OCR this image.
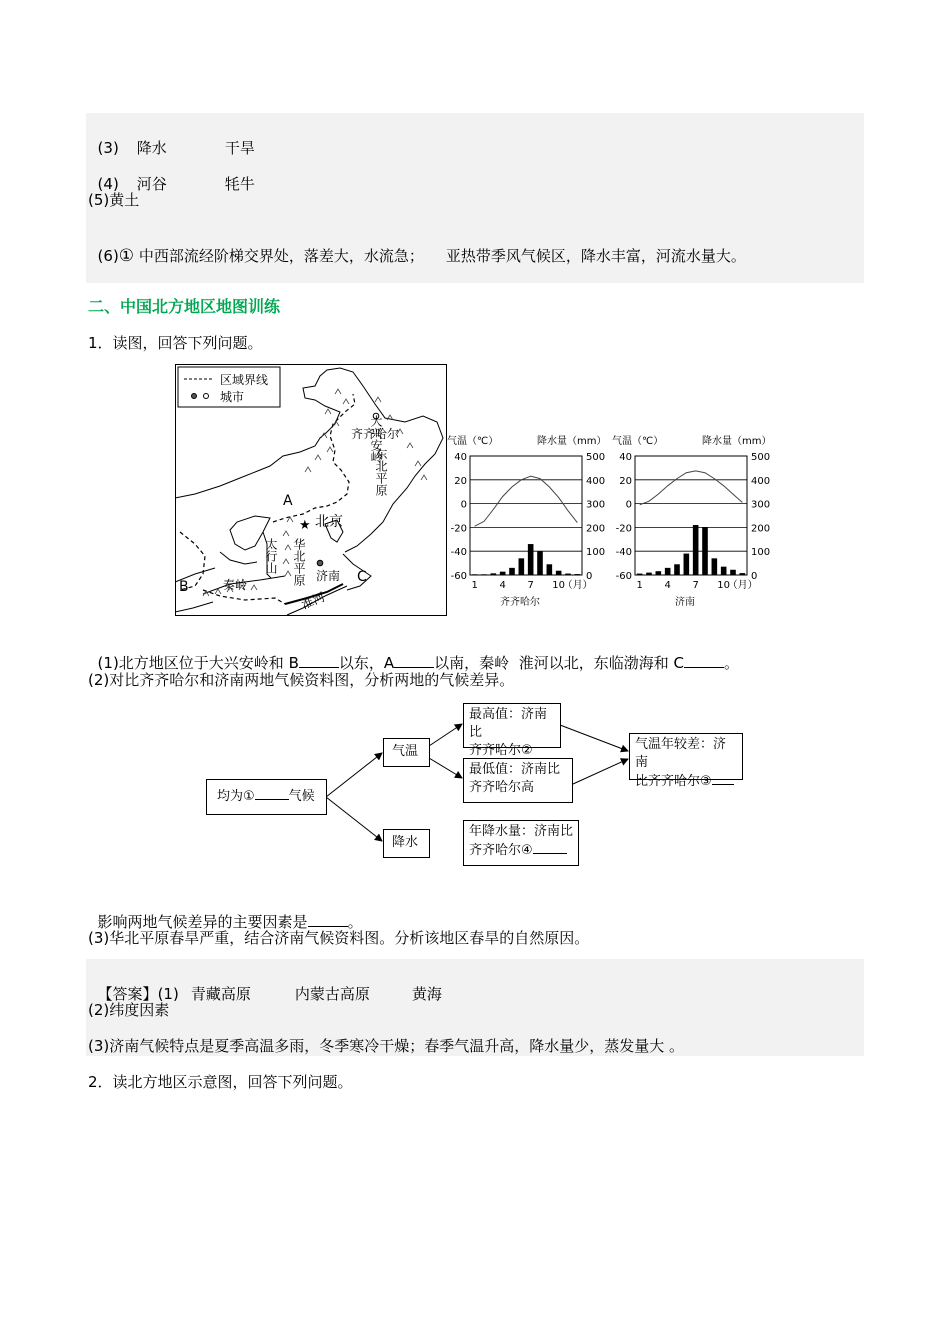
(3) 降水	干旱

(4) 河谷	牦牛

(5)黄土

(6)① 中西部流经阶梯交界处，落差大，水流急； 亚热带季风气候区，降水丰富，河流水量大。

二、中国北方地区地图训练
1．读图，回答下列问题。
区域界线
城市
★
A
B
C
北京
济南
齐齐哈尔
大兴安岭
东北平原
太行山 华北平原
秦岭
淮河
气温（℃）	降水量（mm）
40
20
0
-20
-40
-60
500
400
300
200
100
0
1 4 7 10
（月）
齐齐哈尔
气温（℃）	降水量（mm）
40
20
0
-20
-40
-60
500
400
300
200
100
0
1 4 7 10
（月）
济南

(1)北方地区位于大兴安岭和 B	以东，A	以南，秦岭 淮河以北，东临渤海和 C	。

(2)对比齐齐哈尔和济南两地气候资料图，分析两地的气候差异。
均为①	气候
气温
降水
最高值：济南比
齐齐哈尔②
最低值：济南比
齐齐哈尔高
气温年较差：济南
比齐齐哈尔③
年降水量：济南比
齐齐哈尔④

影响两地气候差异的主要因素是	。

(3)华北平原春旱严重，结合济南气候资料图。分析该地区春旱的自然原因。

【答案】(1) 青藏高原	内蒙古高原	黄海

(2)纬度因素
(3)济南气候特点是夏季高温多雨，冬季寒冷干燥；春季气温升高，降水量少，蒸发量大 。
2．读北方地区示意图，回答下列问题。
